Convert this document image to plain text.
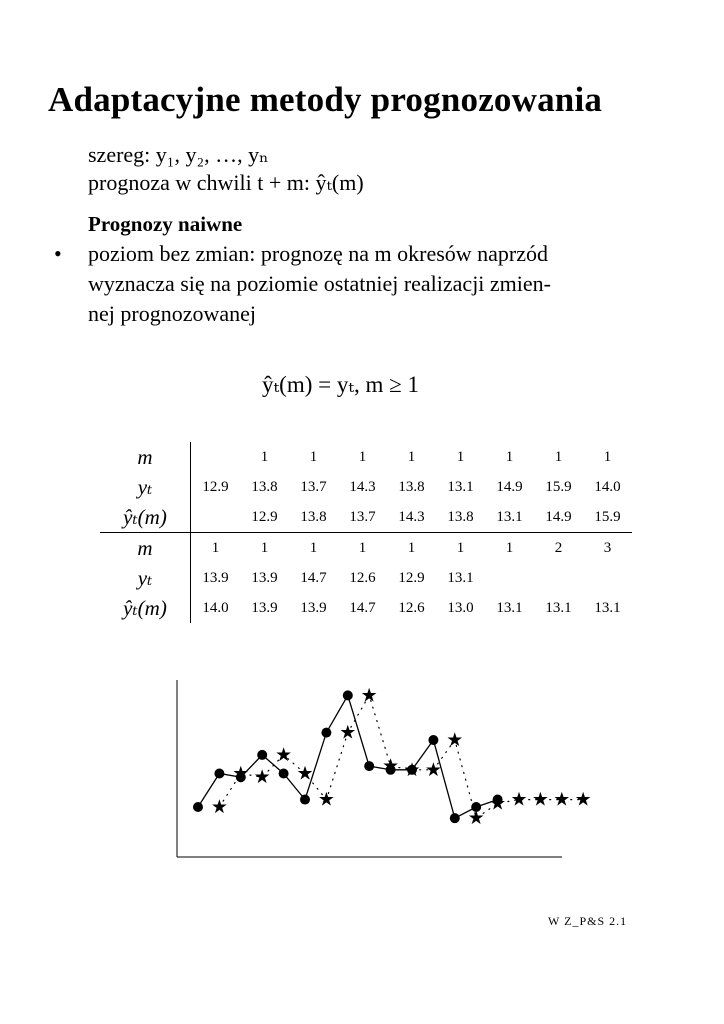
Adaptacyjne metody prognozowania
szereg: y₁, y₂, …, yₙ
prognoza w chwili t + m: ŷₜ(m)
Prognozy naiwne
• poziom bez zmian: prognozę na m okresów naprzód
wyznacza się na poziomie ostatniej realizacji zmien-
nej prognozowanej
ŷₜ(m) = yₜ, m ≥ 1
m		1	1	1	1	1	1	1	1
yₜ	12.9	13.8	13.7	14.3	13.8	13.1	14.9	15.9	14.0
ŷₜ(m)		12.9	13.8	13.7	14.3	13.8	13.1	14.9	15.9
m	1	1	1	1	1	1	1	2	3
yₜ	13.9	13.9	14.7	12.6	12.9	13.1			
ŷₜ(m)	14.0	13.9	13.9	14.7	12.6	13.0	13.1	13.1	13.1
★
★ ★
★
★
★
★
★
★ ★ ★
★
★
★ ★ ★ ★ ★
W Z_P&S 2.1
